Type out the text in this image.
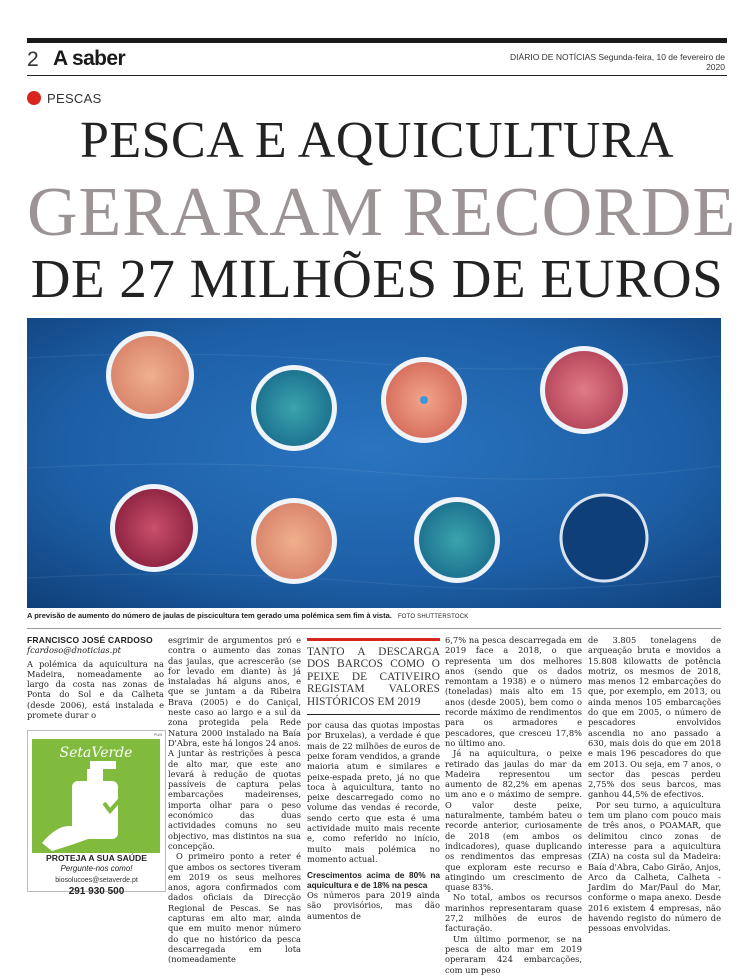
2 A saber	DIÁRIO DE NOTÍCIAS Segunda-feira, 10 de fevereiro de 2020
PESCAS
PESCA E AQUICULTURA
GERARAM RECORDE
DE 27 MILHÕES DE EUROS
A previsão de aumento do número de jaulas de piscicultura tem gerado uma polémica sem fim à vista. FOTO SHUTTERSTOCK
FRANCISCO JOSÉ CARDOSO
fcardoso@dnoticias.pt

A polémica da aquicultura na Madeira, nomeadamente ao largo da costa nas zonas de Ponta do Sol e da Calheta (desde 2006), está instalada e promete durar o

PUB
SetaVerde
PROTEJA A SUA SAÚDE
Pergunte-nos como!
biosolucoes@setaverde.pt
291 930 500

esgrimir de argumentos pró e contra o aumento das zonas das jaulas, que acrescerão (se for levado em diante) às já instaladas há alguns anos, e que se juntam a da Ribeira Brava (2005) e do Caniçal, neste caso ao largo e a sul da zona protegida pela Rede Natura 2000 instalado na Baía D'Abra, este há longos 24 anos. A juntar às restrições à pesca de alto mar, que este ano levará à redução de quotas passíveis de captura pelas embarcações madeirenses, importa olhar para o peso económico das duas actividades comuns no seu objectivo, mas distintos na sua concepção.

O primeiro ponto a reter é que ambos os sectores tiveram em 2019 os seus melhores anos, agora confirmados com dados oficiais da Direcção Regional de Pescas. Se nas capturas em alto mar, ainda que em muito menor número do que no histórico da pesca descarregada em lota (nomeadamente

TANTO A DESCARGA DOS BARCOS COMO O PEIXE DE CATIVEIRO REGISTAM VALORES HISTÓRICOS EM 2019

por causa das quotas impostas por Bruxelas), a verdade é que mais de 22 milhões de euros de peixe foram vendidos, a grande maioria atum e similares e peixe-espada preto, já no que toca à aquicultura, tanto no peixe descarregado como no volume das vendas é recorde, sendo certo que esta é uma actividade muito mais recente e, como referido no início, muito mais polémica no momento actual.

Crescimentos acima de 80% na aquicultura e de 18% na pesca

Os números para 2019 ainda são provisórios, mas dão aumentos de

6,7% na pesca descarregada em 2019 face a 2018, o que representa um dos melhores anos (sendo que os dados remontam a 1938) e o número (toneladas) mais alto em 15 anos (desde 2005), bem como o recorde máximo de rendimentos para os armadores e pescadores, que cresceu 17,8% no último ano.

Já na aquicultura, o peixe retirado das jaulas do mar da Madeira representou um aumento de 82,2% em apenas um ano e o máximo de sempre. O valor deste peixe, naturalmente, também bateu o recorde anterior, curiosamente de 2018 (em ambos os indicadores), quase duplicando os rendimentos das empresas que exploram este recurso e atingindo um crescimento de quase 83%.

No total, ambos os recursos marinhos representaram quase 27,2 milhões de euros de facturação.

Um último pormenor, se na pesca de alto mar em 2019 operaram 424 embarcações, com um peso

de 3.805 tonelagens de arqueação bruta e movidos a 15.808 kilowatts de potência motriz, os mesmos de 2018, mas menos 12 embarcações do que, por exemplo, em 2013, ou ainda menos 105 embarcações do que em 2005, o número de pescadores envolvidos ascendia no ano passado a 630, mais dois do que em 2018 e mais 196 pescadores do que em 2013. Ou seja, em 7 anos, o sector das pescas perdeu 2,75% dos seus barcos, mas ganhou 44,5% de efectivos.

Por seu turno, a aquicultura tem um plano com pouco mais de três anos, o POAMAR, que delimitou cinco zonas de interesse para a aquicultura (ZIA) na costa sul da Madeira: Baía d'Abra, Cabo Girão, Anjos, Arco da Calheta, Calheta - Jardim do Mar/Paul do Mar, conforme o mapa anexo. Desde 2016 existem 4 empresas, não havendo registo do número de pessoas envolvidas.
